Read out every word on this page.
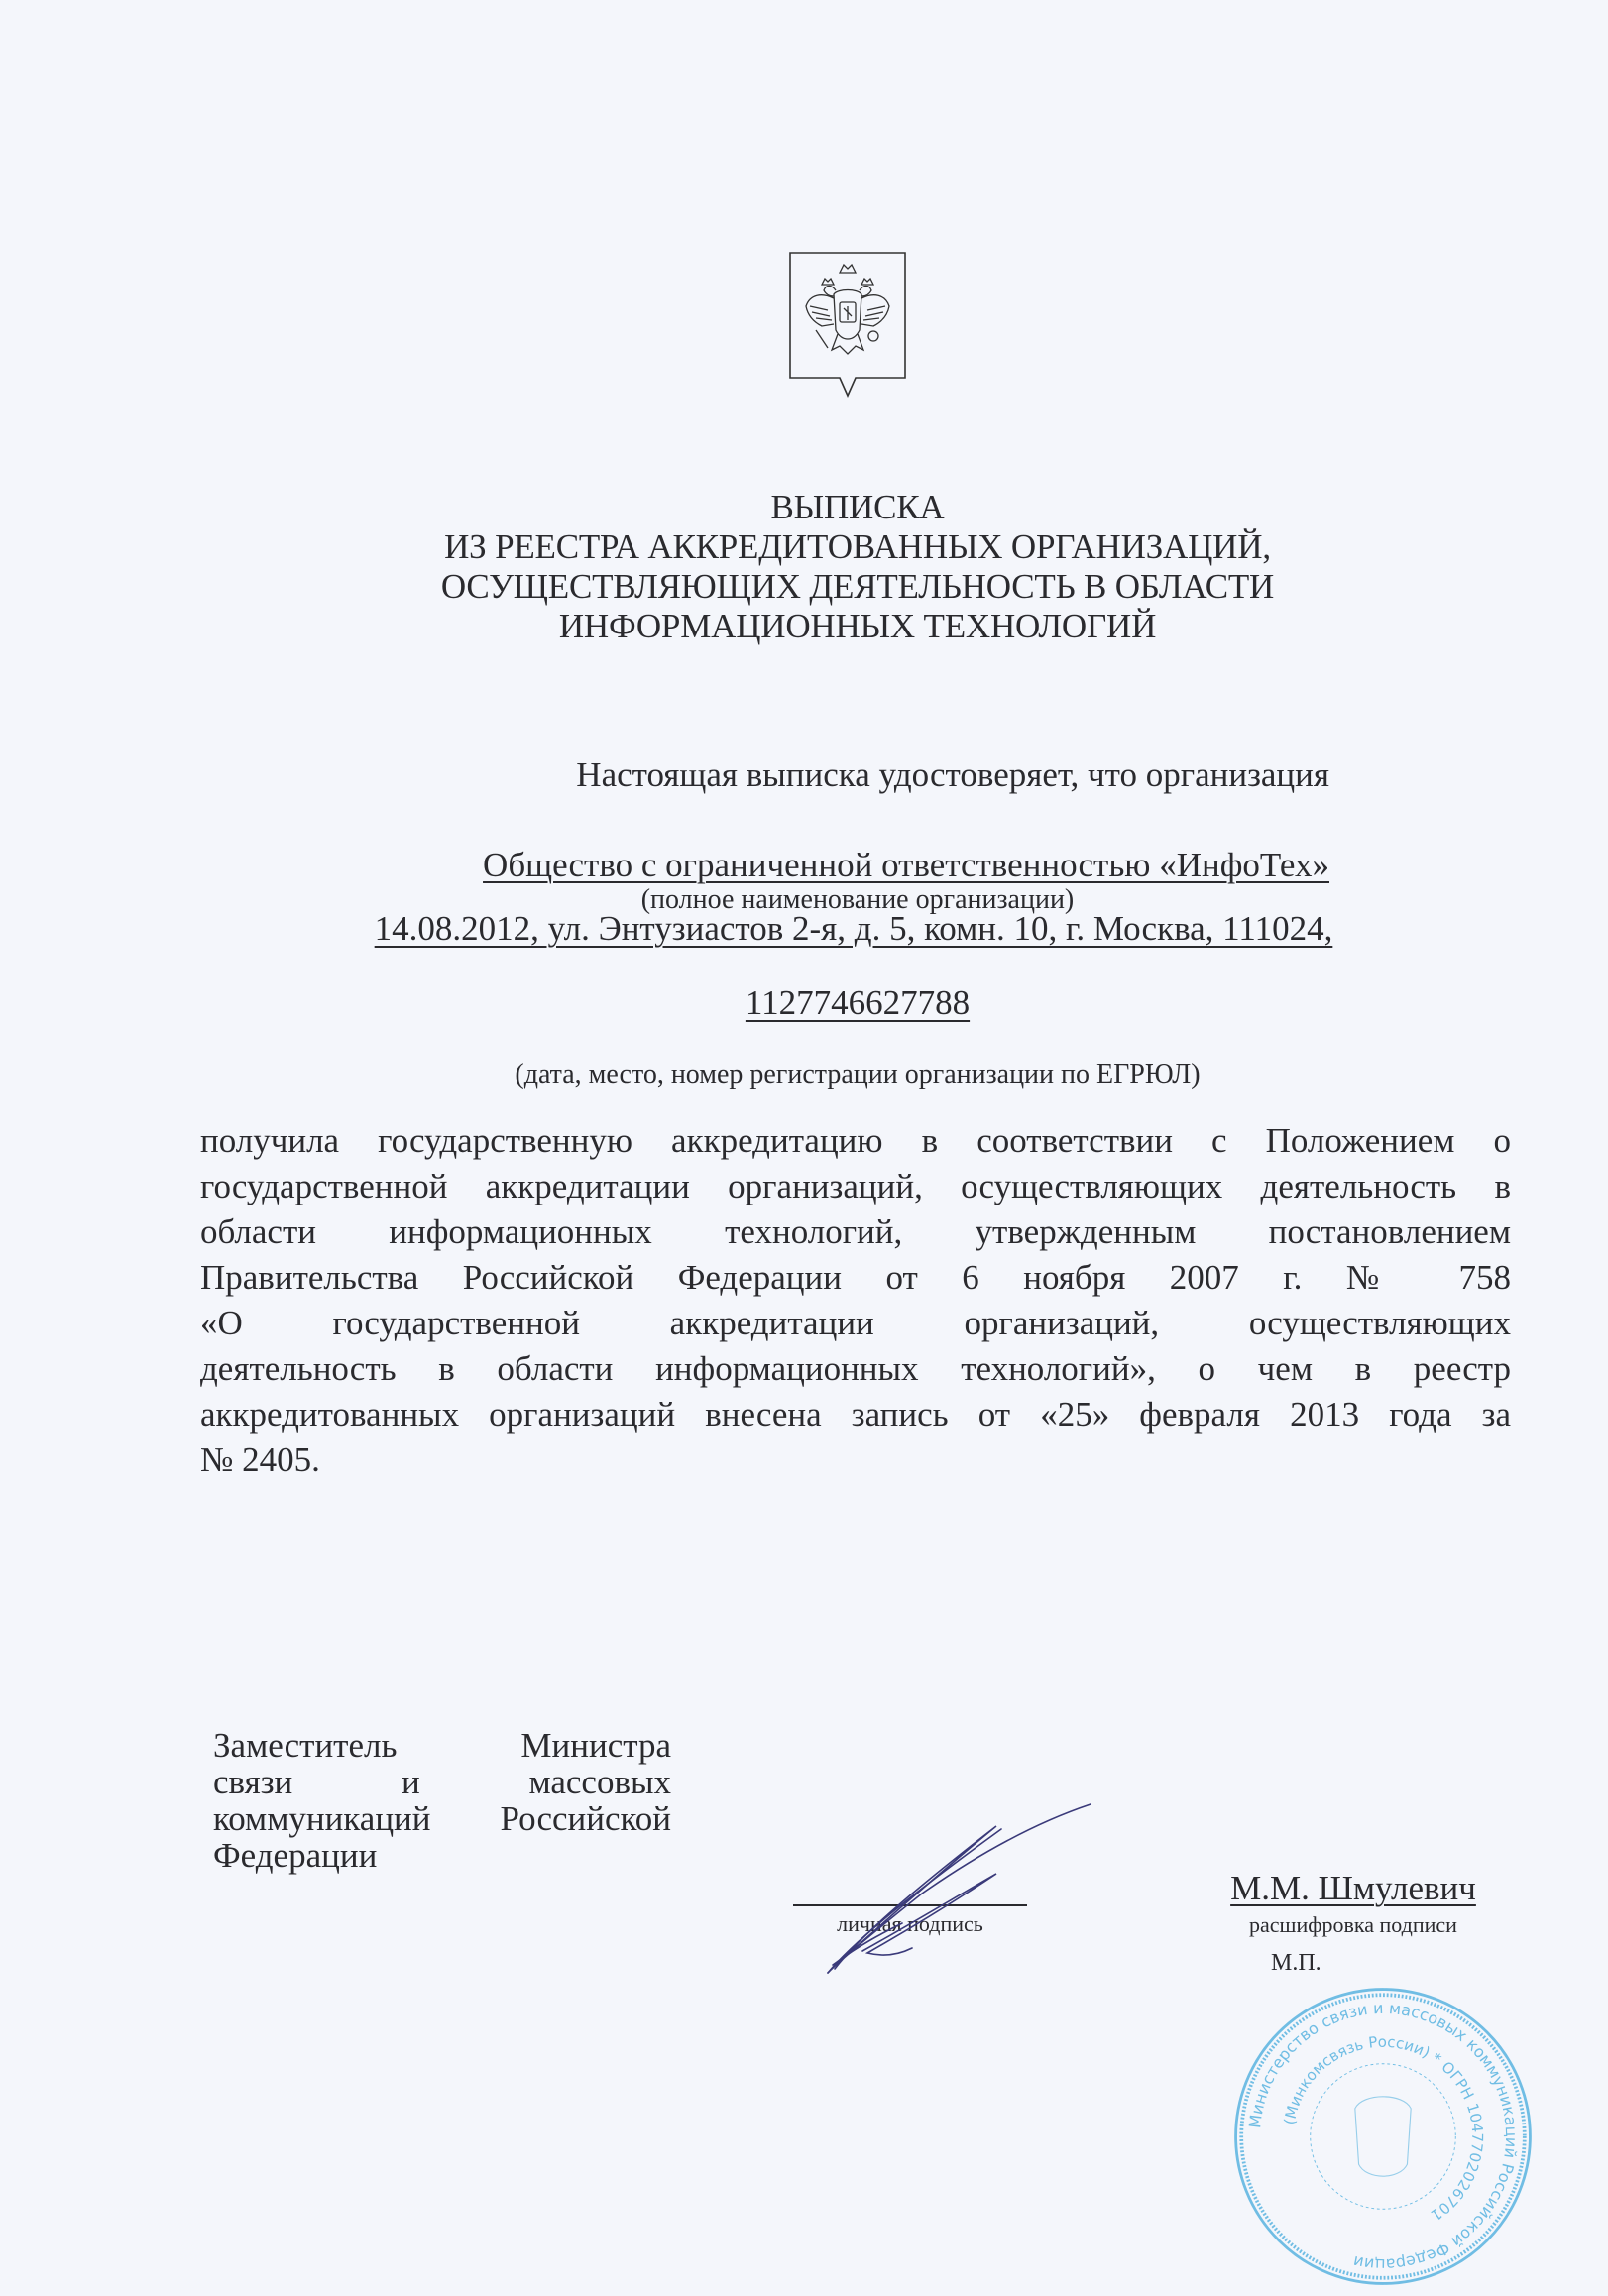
ВЫПИСКА
ИЗ РЕЕСТРА АККРЕДИТОВАННЫХ ОРГАНИЗАЦИЙ,
ОСУЩЕСТВЛЯЮЩИХ ДЕЯТЕЛЬНОСТЬ В ОБЛАСТИ
ИНФОРМАЦИОННЫХ ТЕХНОЛОГИЙ
Настоящая выписка удостоверяет, что организация
Общество с ограниченной ответственностью «ИнфоТех»
(полное наименование организации)
14.08.2012, ул. Энтузиастов 2-я, д. 5, комн. 10, г. Москва, 111024,
1127746627788
(дата, место, номер регистрации организации по ЕГРЮЛ)
получила государственную аккредитацию в соответствии с Положением о
государственной аккредитации организаций, осуществляющих деятельность в
области информационных технологий, утвержденным постановлением
Правительства Российской Федерации от 6 ноября 2007 г. № 758
«О государственной аккредитации организаций, осуществляющих
деятельность в области информационных технологий», о чем в реестр
аккредитованных организаций внесена запись от «25» февраля 2013 года за
№ 2405.
Заместитель	Министра
связи	и	массовых
коммуникаций Российской
Федерации
личная подпись
М.М. Шмулевич
расшифровка подписи
М.П.
Министерство связи и массовых коммуникаций Российской Федерации
(Минкомсвязь России) * ОГРН 1047702026701
